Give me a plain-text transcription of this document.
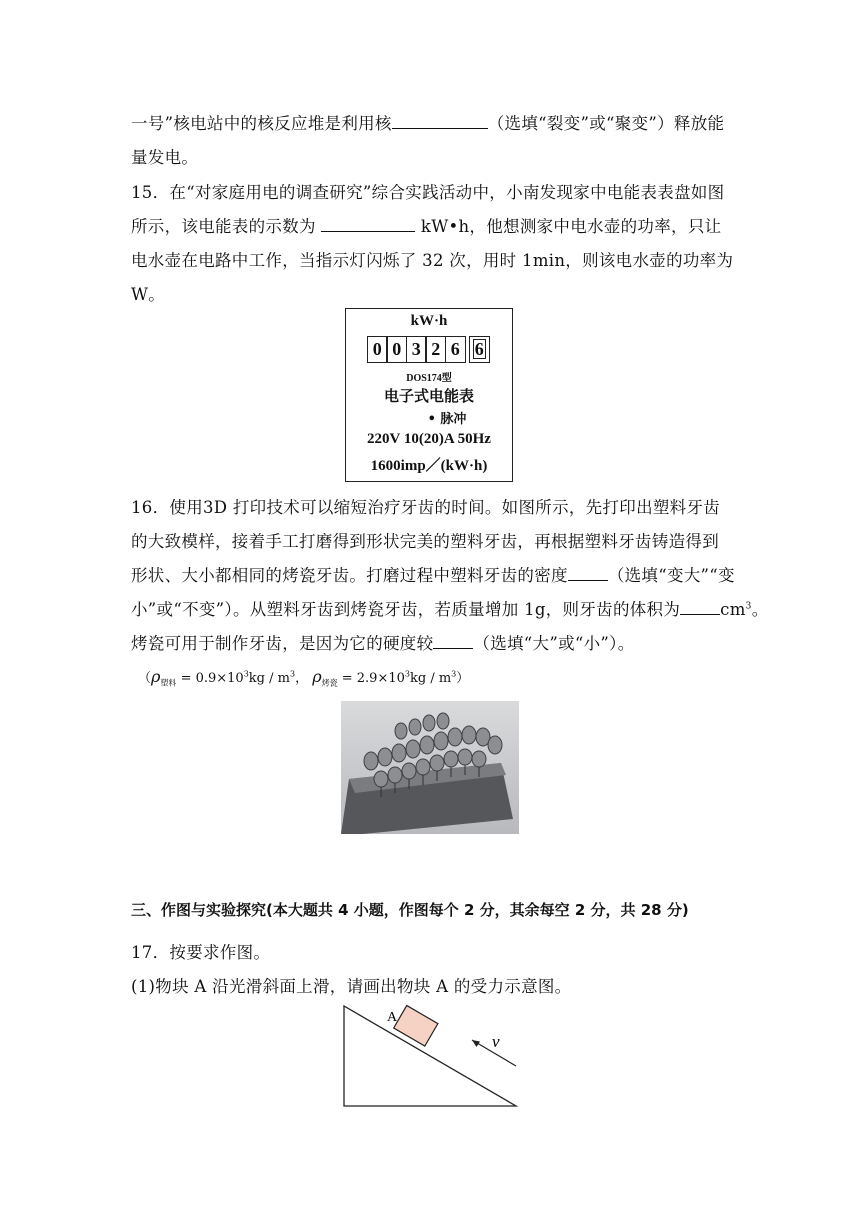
一号”核电站中的核反应堆是利用核	（选填“裂变”或“聚变”）释放能
量发电。
15．在“对家庭用电的调查研究”综合实践活动中，小南发现家中电能表表盘如图
所示，该电能表的示数为	kW•h，他想测家中电水壶的功率，只让
电水壶在电路中工作，当指示灯闪烁了 32 次，用时 1min，则该电水壶的功率为
W。
kW·h
0 0 3 2 6 6
DOS174型
电子式电能表
• 脉冲
220V 10(20)A 50Hz
1600imp／(kW·h)
16．使用3D 打印技术可以缩短治疗牙齿的时间。如图所示，先打印出塑料牙齿
的大致模样，接着手工打磨得到形状完美的塑料牙齿，再根据塑料牙齿铸造得到
形状、大小都相同的烤瓷牙齿。打磨过程中塑料牙齿的密度 （选填“变大”“变
小”或“不变”）。从塑料牙齿到烤瓷牙齿，若质量增加 1g，则牙齿的体积为 $cm^3$。
烤瓷可用于制作牙齿，是因为它的硬度较 （选填“大”或“小”）。
（$\rho_{塑料} = 0.9\times 10^3kg / m^3$， $\rho_{烤瓷} = 2.9\times 10^3kg / m^3$）
三、作图与实验探究(本大题共 4 小题，作图每个 2 分，其余每空 2 分，共 28 分)
17．按要求作图。
(1)物块 A 沿光滑斜面上滑，请画出物块 A 的受力示意图。
A
v
